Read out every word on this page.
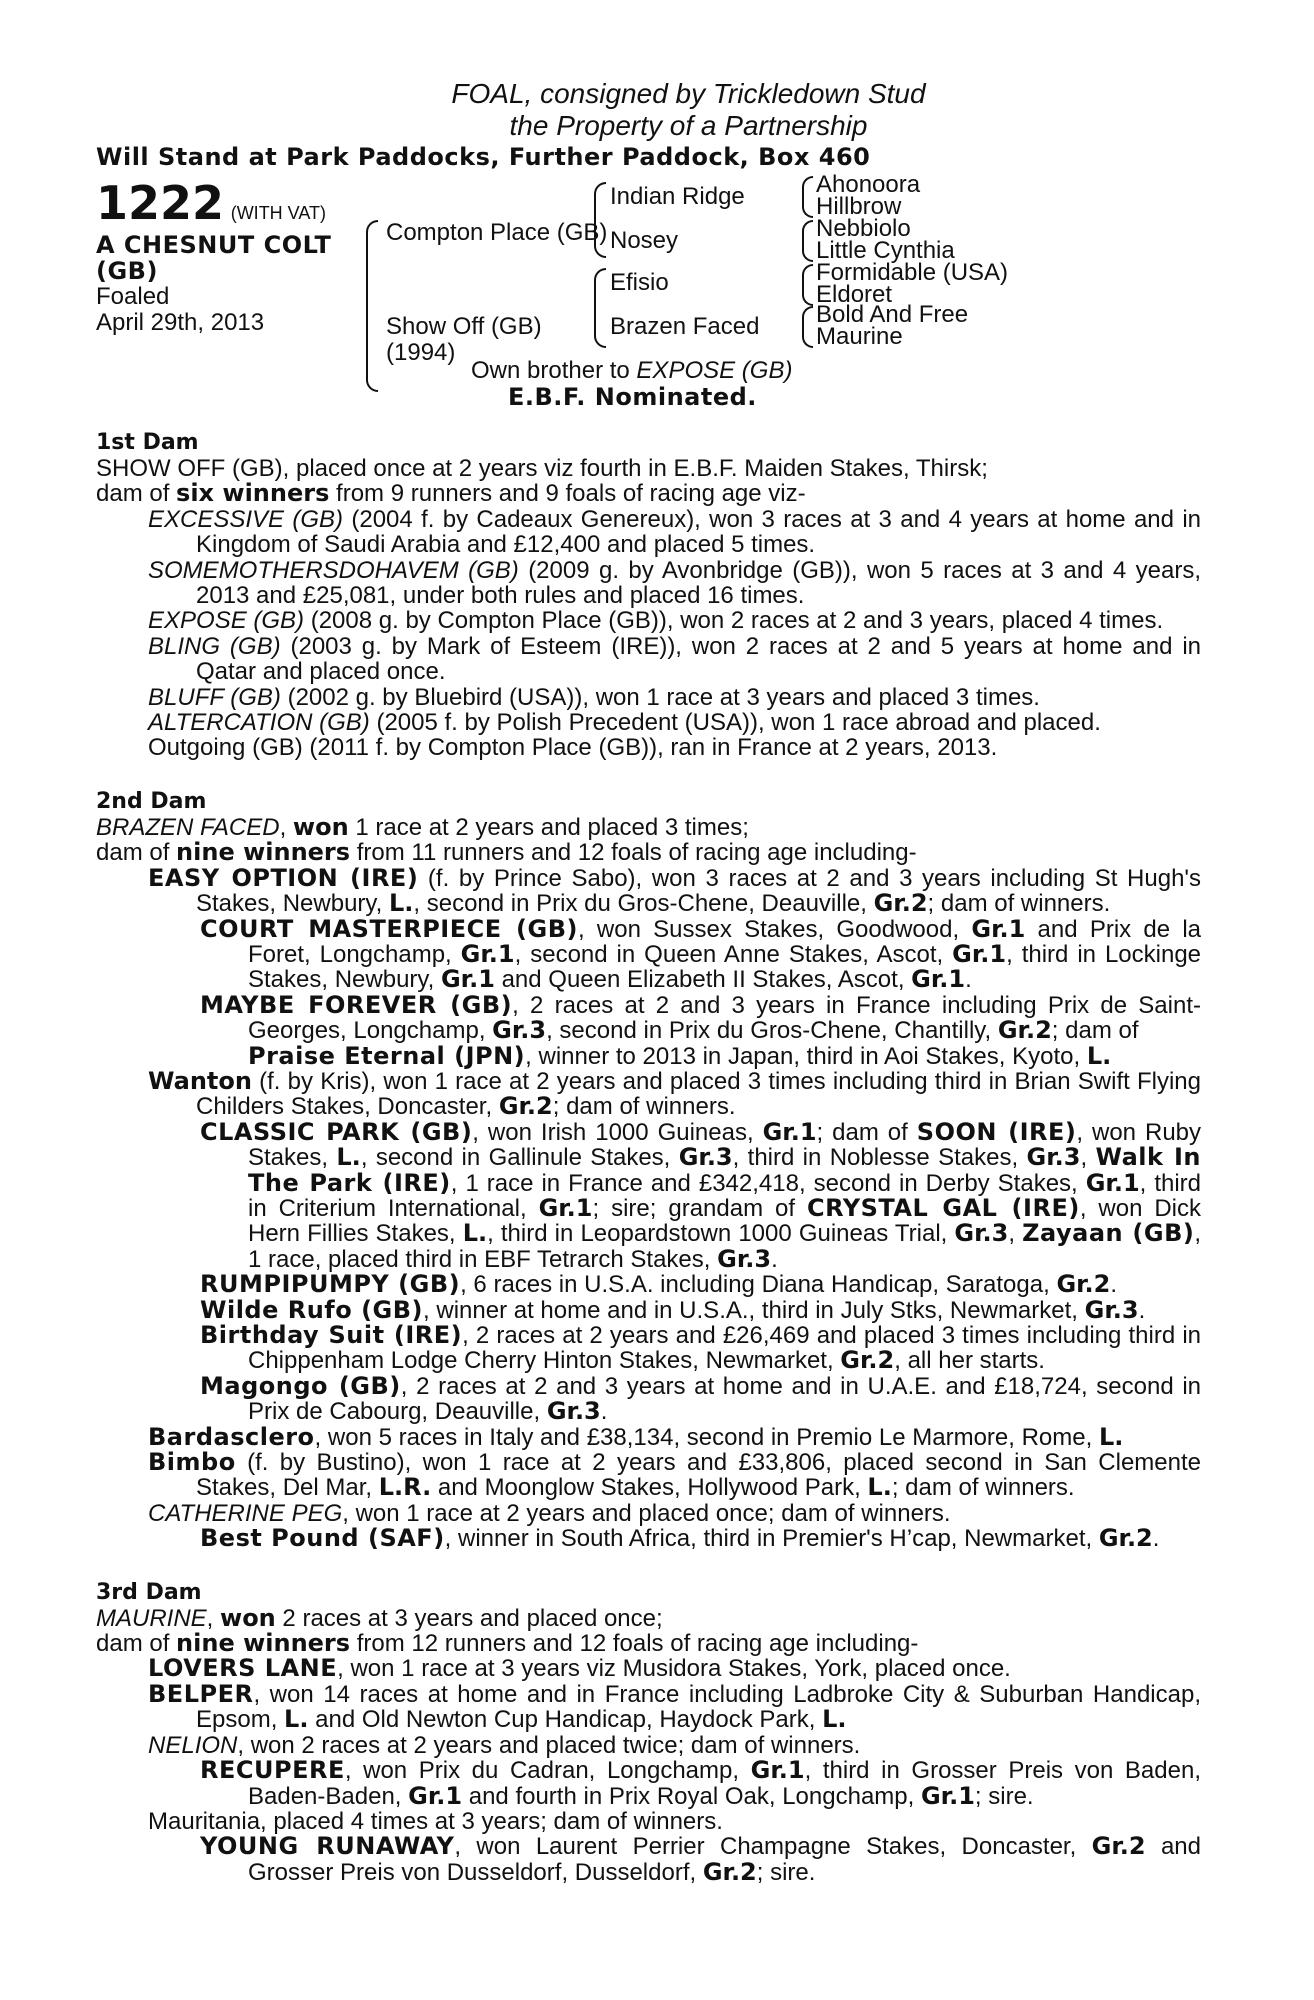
FOAL, consigned by Trickledown Stud
the Property of a Partnership
Will Stand at Park Paddocks, Further Paddock, Box 460
1222 (WITH VAT)
A CHESNUT COLT
(GB)
Foaled
April 29th, 2013
Compton Place (GB)
Show Off (GB)
(1994)
Indian Ridge
Nosey
Efisio
Brazen Faced
Ahonoora
Hillbrow
Nebbiolo
Little Cynthia
Formidable (USA)
Eldoret
Bold And Free
Maurine
Own brother to EXPOSE (GB)
E.B.F. Nominated.
1st Dam

SHOW OFF (GB), placed once at 2 years viz fourth in E.B.F. Maiden Stakes, Thirsk;

dam of six winners from 9 runners and 9 foals of racing age viz-

EXCESSIVE (GB) (2004 f. by Cadeaux Genereux), won 3 races at 3 and 4 years at home and in Kingdom of Saudi Arabia and £12,400 and placed 5 times.

SOMEMOTHERSDOHAVEM (GB) (2009 g. by Avonbridge (GB)), won 5 races at 3 and 4 years, 2013 and £25,081, under both rules and placed 16 times.

EXPOSE (GB) (2008 g. by Compton Place (GB)), won 2 races at 2 and 3 years, placed 4 times.

BLING (GB) (2003 g. by Mark of Esteem (IRE)), won 2 races at 2 and 5 years at home and in Qatar and placed once.

BLUFF (GB) (2002 g. by Bluebird (USA)), won 1 race at 3 years and placed 3 times.

ALTERCATION (GB) (2005 f. by Polish Precedent (USA)), won 1 race abroad and placed.

Outgoing (GB) (2011 f. by Compton Place (GB)), ran in France at 2 years, 2013.

2nd Dam

BRAZEN FACED, won 1 race at 2 years and placed 3 times;

dam of nine winners from 11 runners and 12 foals of racing age including-

EASY OPTION (IRE) (f. by Prince Sabo), won 3 races at 2 and 3 years including St Hugh's Stakes, Newbury, L., second in Prix du Gros-Chene, Deauville, Gr.2; dam of winners.

COURT MASTERPIECE (GB), won Sussex Stakes, Goodwood, Gr.1 and Prix de la Foret, Longchamp, Gr.1, second in Queen Anne Stakes, Ascot, Gr.1, third in Lockinge Stakes, Newbury, Gr.1 and Queen Elizabeth II Stakes, Ascot, Gr.1.

MAYBE FOREVER (GB), 2 races at 2 and 3 years in France including Prix de Saint-Georges, Longchamp, Gr.3, second in Prix du Gros-Chene, Chantilly, Gr.2; dam of
Praise Eternal (JPN), winner to 2013 in Japan, third in Aoi Stakes, Kyoto, L.

Wanton (f. by Kris), won 1 race at 2 years and placed 3 times including third in Brian Swift Flying Childers Stakes, Doncaster, Gr.2; dam of winners.

CLASSIC PARK (GB), won Irish 1000 Guineas, Gr.1; dam of SOON (IRE), won Ruby Stakes, L., second in Gallinule Stakes, Gr.3, third in Noblesse Stakes, Gr.3, Walk In The Park (IRE), 1 race in France and £342,418, second in Derby Stakes, Gr.1, third in Criterium International, Gr.1; sire; grandam of CRYSTAL GAL (IRE), won Dick Hern Fillies Stakes, L., third in Leopardstown 1000 Guineas Trial, Gr.3, Zayaan (GB), 1 race, placed third in EBF Tetrarch Stakes, Gr.3.

RUMPIPUMPY (GB), 6 races in U.S.A. including Diana Handicap, Saratoga, Gr.2.

Wilde Rufo (GB), winner at home and in U.S.A., third in July Stks, Newmarket, Gr.3.

Birthday Suit (IRE), 2 races at 2 years and £26,469 and placed 3 times including third in Chippenham Lodge Cherry Hinton Stakes, Newmarket, Gr.2, all her starts.

Magongo (GB), 2 races at 2 and 3 years at home and in U.A.E. and £18,724, second in Prix de Cabourg, Deauville, Gr.3.

Bardasclero, won 5 races in Italy and £38,134, second in Premio Le Marmore, Rome, L.

Bimbo (f. by Bustino), won 1 race at 2 years and £33,806, placed second in San Clemente Stakes, Del Mar, L.R. and Moonglow Stakes, Hollywood Park, L.; dam of winners.

CATHERINE PEG, won 1 race at 2 years and placed once; dam of winners.

Best Pound (SAF), winner in South Africa, third in Premier's H’cap, Newmarket, Gr.2.

3rd Dam

MAURINE, won 2 races at 3 years and placed once;

dam of nine winners from 12 runners and 12 foals of racing age including-

LOVERS LANE, won 1 race at 3 years viz Musidora Stakes, York, placed once.

BELPER, won 14 races at home and in France including Ladbroke City & Suburban Handicap, Epsom, L. and Old Newton Cup Handicap, Haydock Park, L.

NELION, won 2 races at 2 years and placed twice; dam of winners.

RECUPERE, won Prix du Cadran, Longchamp, Gr.1, third in Grosser Preis von Baden, Baden-Baden, Gr.1 and fourth in Prix Royal Oak, Longchamp, Gr.1; sire.

Mauritania, placed 4 times at 3 years; dam of winners.

YOUNG RUNAWAY, won Laurent Perrier Champagne Stakes, Doncaster, Gr.2 and Grosser Preis von Dusseldorf, Dusseldorf, Gr.2; sire.
